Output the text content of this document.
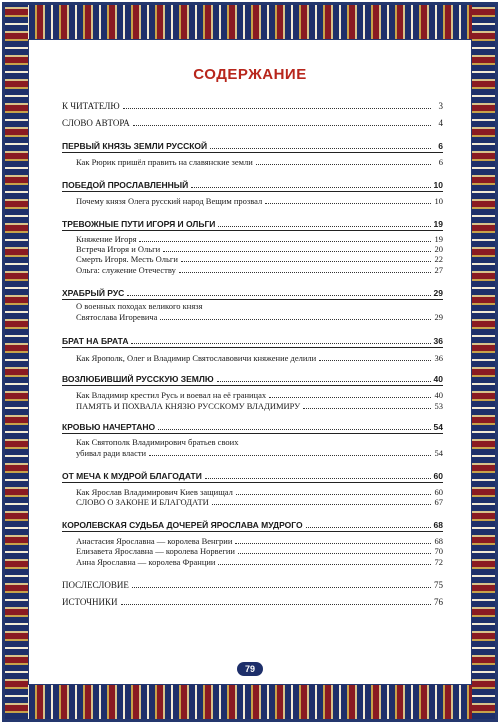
СОДЕРЖАНИЕ
К ЧИТАТЕЛЮ	3
СЛОВО АВТОРА	4
ПЕРВЫЙ КНЯЗЬ ЗЕМЛИ РУССКОЙ	6
Как Рюрик пришёл править на славянские земли	6
ПОБЕДОЙ ПРОСЛАВЛЕННЫЙ	10
Почему князя Олега русский народ Вещим прозвал	10
ТРЕВОЖНЫЕ ПУТИ ИГОРЯ И ОЛЬГИ	19
Княжение Игоря	19
Встреча Игоря и Ольги	20
Смерть Игоря. Месть Ольги	22
Ольга: служение Отечеству	27
ХРАБРЫЙ РУС	29
О военных походах великого князя
Святослава Игоревича	29
БРАТ НА БРАТА	36
Как Ярополк, Олег и Владимир Святославовичи княжение делили	36
ВОЗЛЮБИВШИЙ РУССКУЮ ЗЕМЛЮ	40
Как Владимир крестил Русь и воевал на её границах	40
ПАМЯТЬ И ПОХВАЛА КНЯЗЮ РУССКОМУ ВЛАДИМИРУ	53
КРОВЬЮ НАЧЕРТАНО	54
Как Святополк Владимирович братьев своих
убивал ради власти	54
ОТ МЕЧА К МУДРОЙ БЛАГОДАТИ	60
Как Ярослав Владимирович Киев защищал	60
СЛОВО О ЗАКОНЕ И БЛАГОДАТИ	67
КОРОЛЕВСКАЯ СУДЬБА ДОЧЕРЕЙ ЯРОСЛАВА МУДРОГО	68
Анастасия Ярославна — королева Венгрии	68
Елизавета Ярославна — королева Норвегии	70
Анна Ярославна — королева Франции	72
ПОСЛЕСЛОВИЕ	75
ИСТОЧНИКИ	76
79
